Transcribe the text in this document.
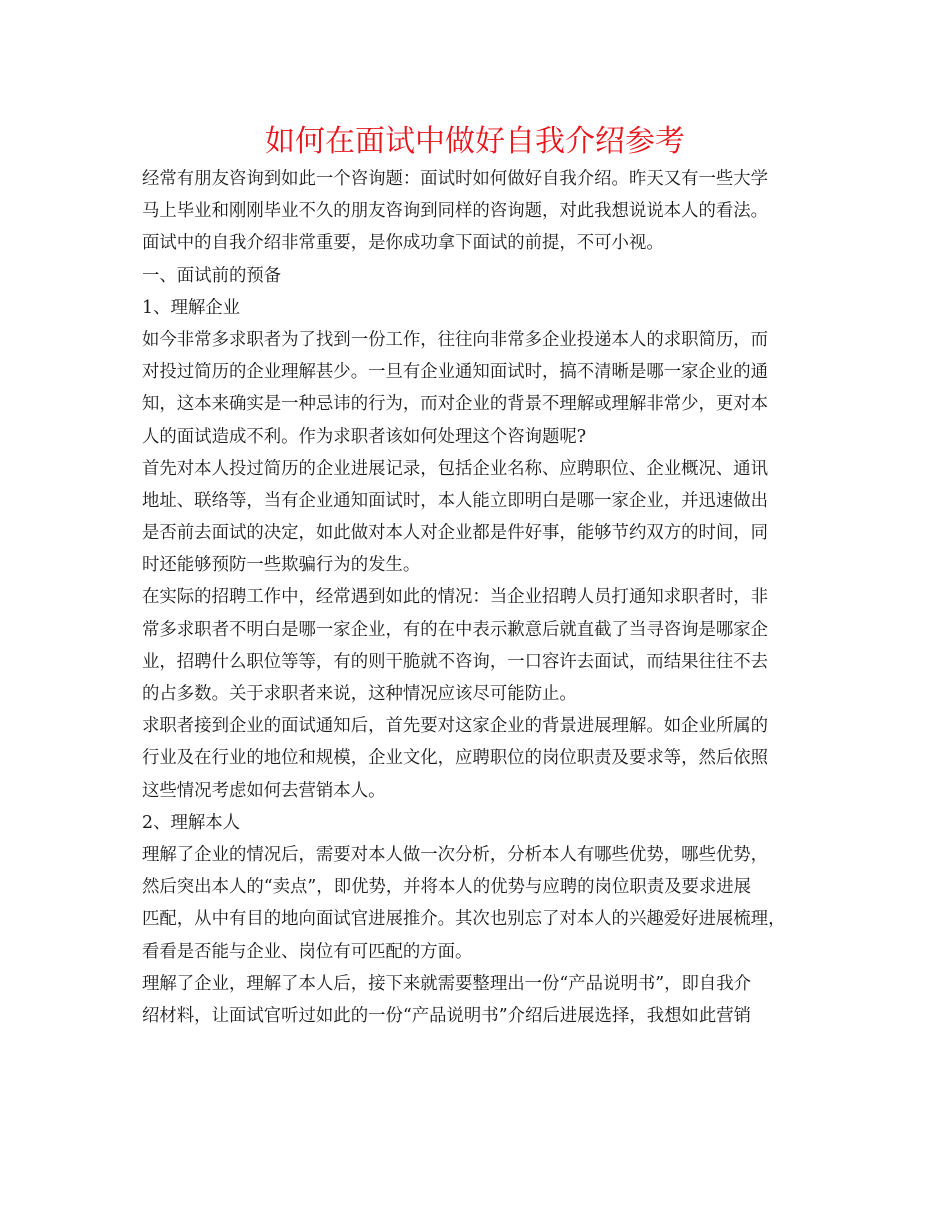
如何在面试中做好自我介绍参考

经常有朋友咨询到如此一个咨询题：面试时如何做好自我介绍。昨天又有一些大学
马上毕业和刚刚毕业不久的朋友咨询到同样的咨询题，对此我想说说本人的看法。
面试中的自我介绍非常重要，是你成功拿下面试的前提，不可小视。

一、面试前的预备

1、理解企业

如今非常多求职者为了找到一份工作，往往向非常多企业投递本人的求职简历，而
对投过简历的企业理解甚少。一旦有企业通知面试时，搞不清晰是哪一家企业的通
知，这本来确实是一种忌讳的行为，而对企业的背景不理解或理解非常少，更对本
人的面试造成不利。作为求职者该如何处理这个咨询题呢?

首先对本人投过简历的企业进展记录，包括企业名称、应聘职位、企业概况、通讯
地址、联络等，当有企业通知面试时，本人能立即明白是哪一家企业，并迅速做出
是否前去面试的决定，如此做对本人对企业都是件好事，能够节约双方的时间，同
时还能够预防一些欺骗行为的发生。

在实际的招聘工作中，经常遇到如此的情况：当企业招聘人员打通知求职者时，非
常多求职者不明白是哪一家企业，有的在中表示歉意后就直截了当寻咨询是哪家企
业，招聘什么职位等等，有的则干脆就不咨询，一口容许去面试，而结果往往不去
的占多数。关于求职者来说，这种情况应该尽可能防止。

求职者接到企业的面试通知后，首先要对这家企业的背景进展理解。如企业所属的
行业及在行业的地位和规模，企业文化，应聘职位的岗位职责及要求等，然后依照
这些情况考虑如何去营销本人。

2、理解本人

理解了企业的情况后，需要对本人做一次分析，分析本人有哪些优势，哪些优势，
然后突出本人的“卖点”，即优势，并将本人的优势与应聘的岗位职责及要求进展
匹配，从中有目的地向面试官进展推介。其次也别忘了对本人的兴趣爱好进展梳理，
看看是否能与企业、岗位有可匹配的方面。

理解了企业，理解了本人后，接下来就需要整理出一份“产品说明书”，即自我介
绍材料，让面试官听过如此的一份“产品说明书”介绍后进展选择，我想如此营销
